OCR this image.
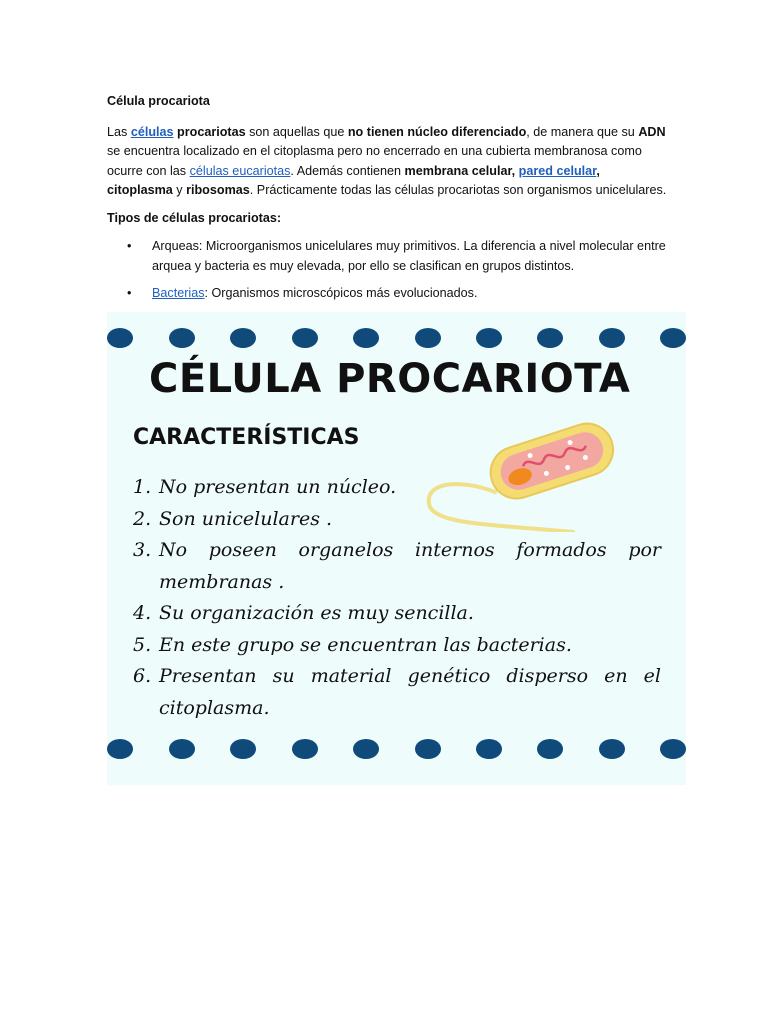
Célula procariota

Las células procariotas son aquellas que no tienen núcleo diferenciado, de manera que su ADN se encuentra localizado en el citoplasma pero no encerrado en una cubierta membranosa como ocurre con las células eucariotas. Además contienen membrana celular, pared celular,
citoplasma y ribosomas. Prácticamente todas las células procariotas son organismos unicelulares.

Tipos de células procariotas:

• Arqueas: Microorganismos unicelulares muy primitivos. La diferencia a nivel molecular entre arquea y bacteria es muy elevada, por ello se clasifican en grupos distintos.
• Bacterias: Organismos microscópicos más evolucionados.
CÉLULA PROCARIOTA
CARACTERÍSTICAS
1. No presentan un núcleo.
2. Son unicelulares .
3. No poseen organelos internos formados por membranas .
4. Su organización es muy sencilla.
5. En este grupo se encuentran las bacterias.
6. Presentan su material genético disperso en el citoplasma.
